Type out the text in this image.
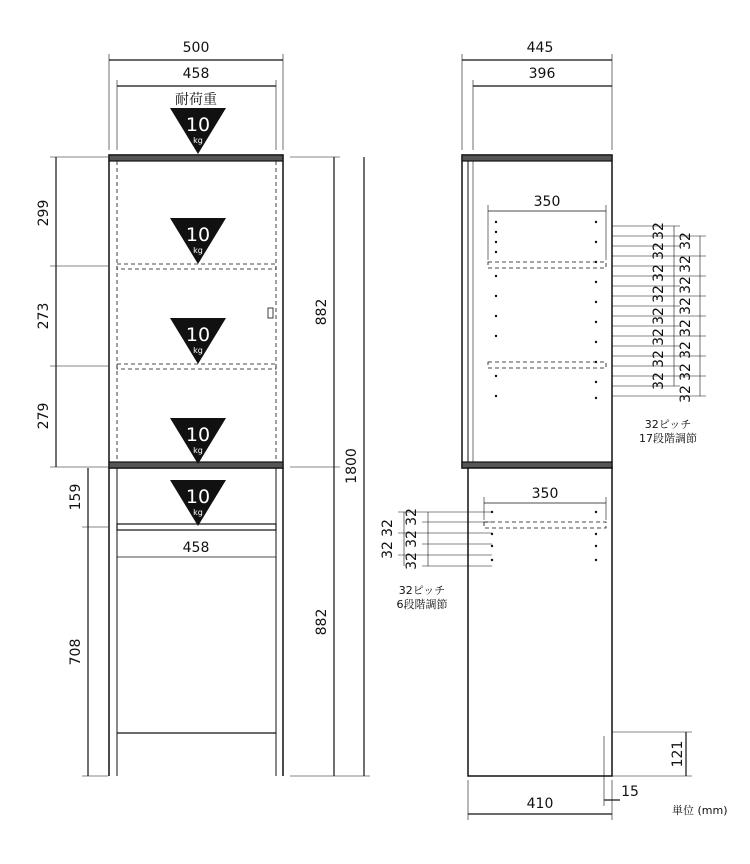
10
kg
10
kg
10
kg
10
kg
10
kg
500
458
耐荷重
299
273
279
159
708
882
882
1800
458
445
396
350
350
32
32
32
32
32
32
32
32
32
32
32
32
32
32
32
32
32ピッチ
17段階調節
32
32
32
32
32
32ピッチ
6段階調節
410
15
121
単位 (mm)
